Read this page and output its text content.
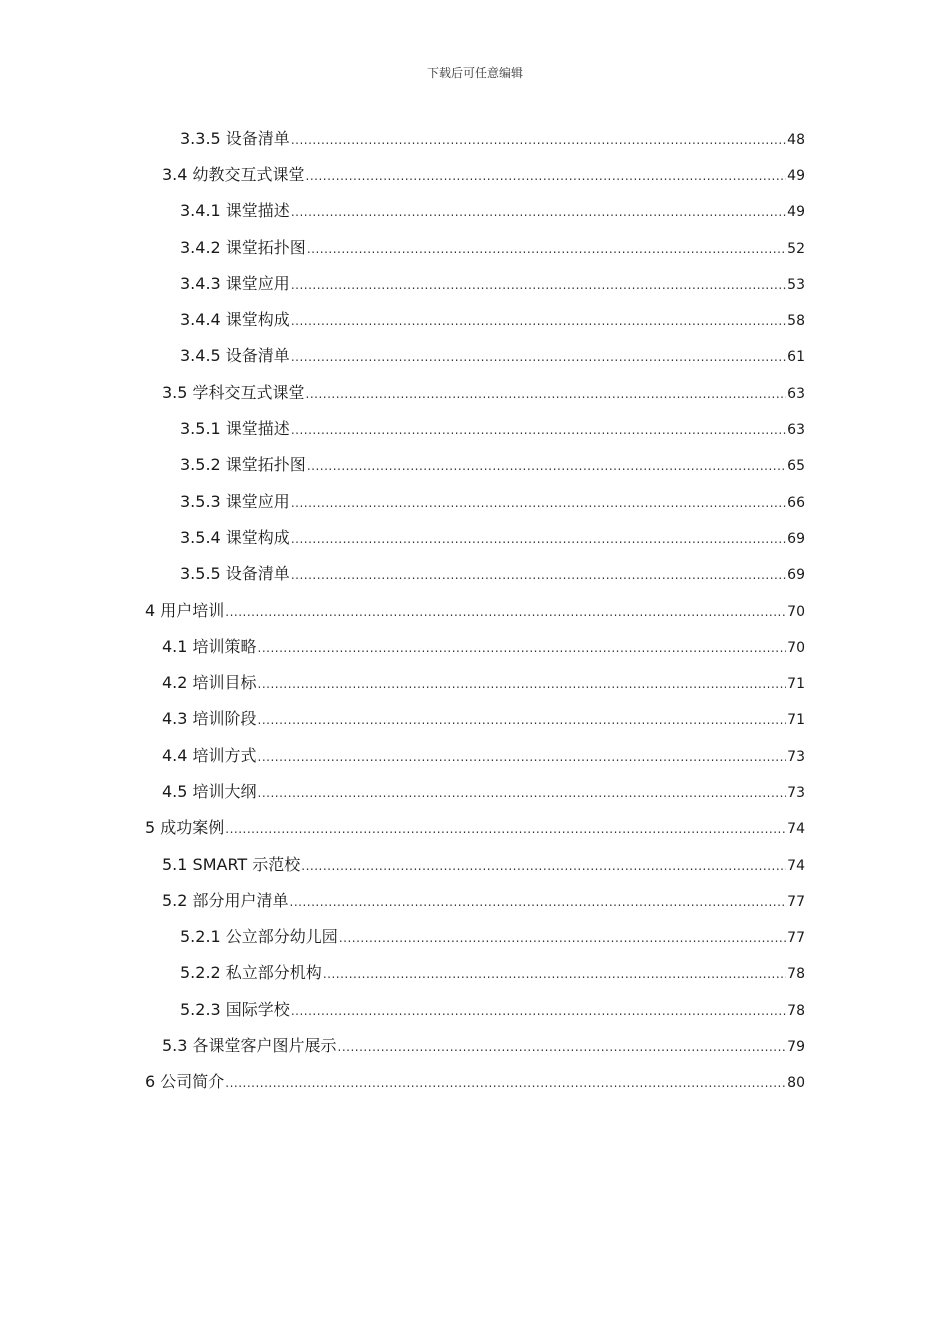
下载后可任意编辑
3.3.5 设备清单 .....	48
3.4 幼教交互式课堂 .....	49
3.4.1 课堂描述 .....	49
3.4.2 课堂拓扑图 .....	52
3.4.3 课堂应用 .....	53
3.4.4 课堂构成 .....	58
3.4.5 设备清单 .....	61
3.5 学科交互式课堂 .....	63
3.5.1 课堂描述 .....	63
3.5.2 课堂拓扑图 .....	65
3.5.3 课堂应用 .....	66
3.5.4 课堂构成 .....	69
3.5.5 设备清单 .....	69
4 用户培训 .....	70
4.1 培训策略 .....	70
4.2 培训目标 .....	71
4.3 培训阶段 .....	71
4.4 培训方式 .....	73
4.5 培训大纲 .....	73
5 成功案例 .....	74
5.1 SMART 示范校 .....	74
5.2 部分用户清单 .....	77
5.2.1 公立部分幼儿园 .....	77
5.2.2 私立部分机构 .....	78
5.2.3 国际学校 .....	78
5.3 各课堂客户图片展示 .....	79
6 公司简介 .....	80
